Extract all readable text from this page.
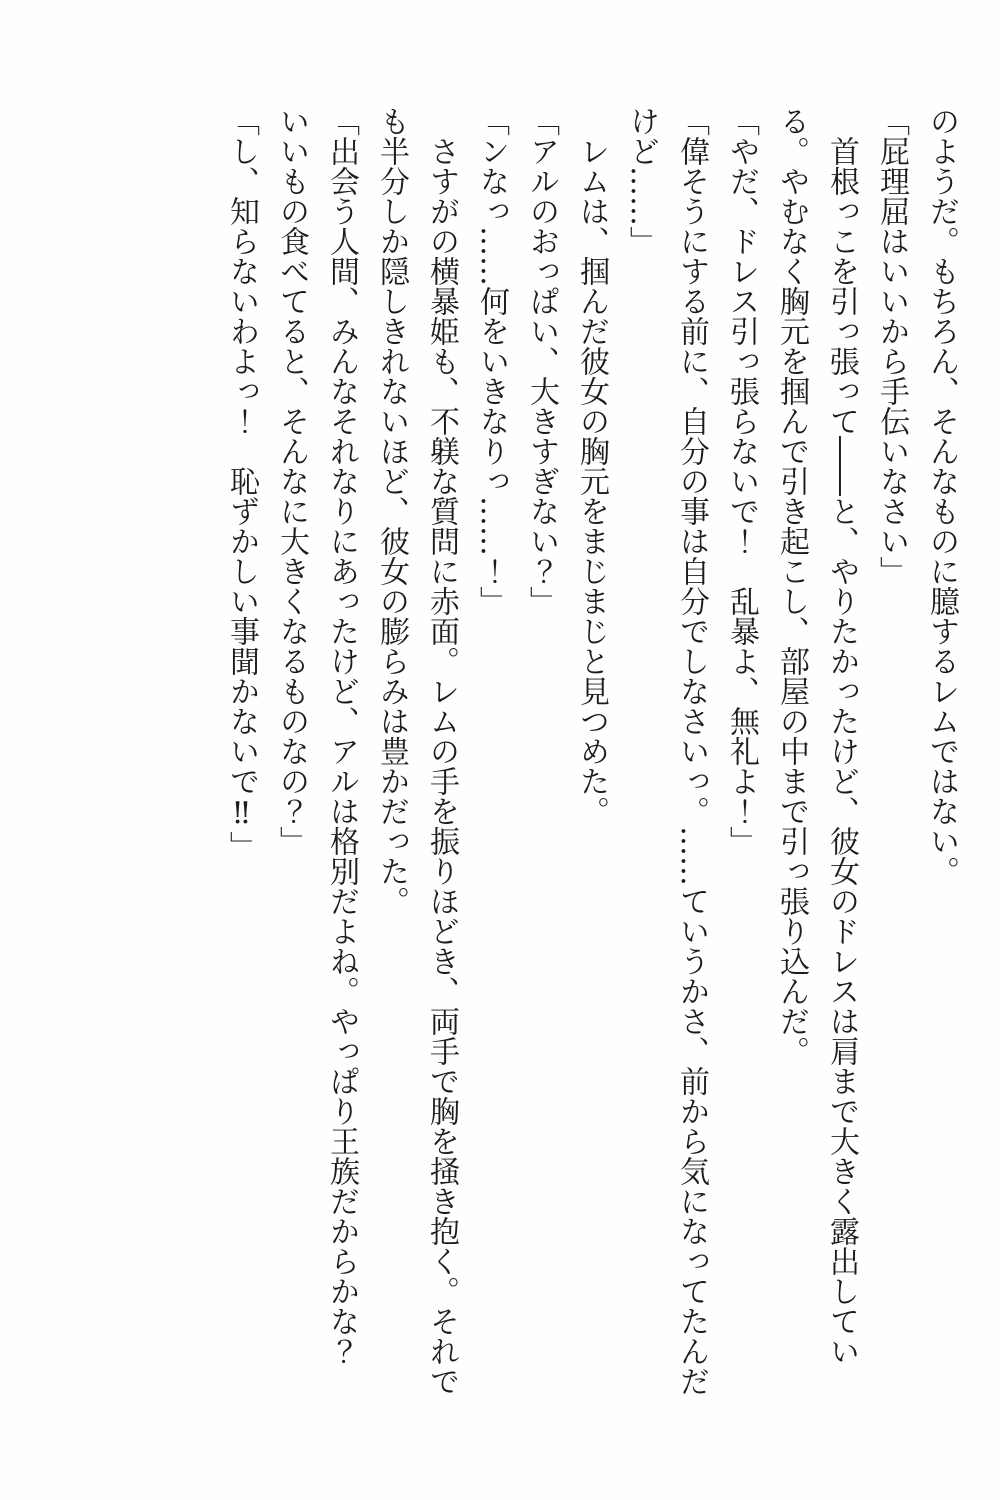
のようだ。もちろん、そんなものに臆するレムではない。
「屁理屈はいいから手伝いなさい」
　首根っこを引っ張って――と、やりたかったけど、彼女のドレスは肩まで大きく露出してい
る。やむなく胸元を掴んで引き起こし、部屋の中まで引っ張り込んだ。
「やだ、ドレス引っ張らないで！　乱暴よ、無礼よ！」
「偉そうにする前に、自分の事は自分でしなさいっ。……ていうかさ、前から気になってたんだ
けど……」
　レムは、掴んだ彼女の胸元をまじまじと見つめた。
「アルのおっぱい、大きすぎない？」
「ンなっ……何をいきなりっ……！」
　さすがの横暴姫も、不躾な質問に赤面。レムの手を振りほどき、両手で胸を掻き抱く。それで
も半分しか隠しきれないほど、彼女の膨らみは豊かだった。
「出会う人間、みんなそれなりにあったけど、アルは格別だよね。やっぱり王族だからかな？
いいもの食べてると、そんなに大きくなるものなの？」
「し、知らないわよっ！　恥ずかしい事聞かないで‼」
